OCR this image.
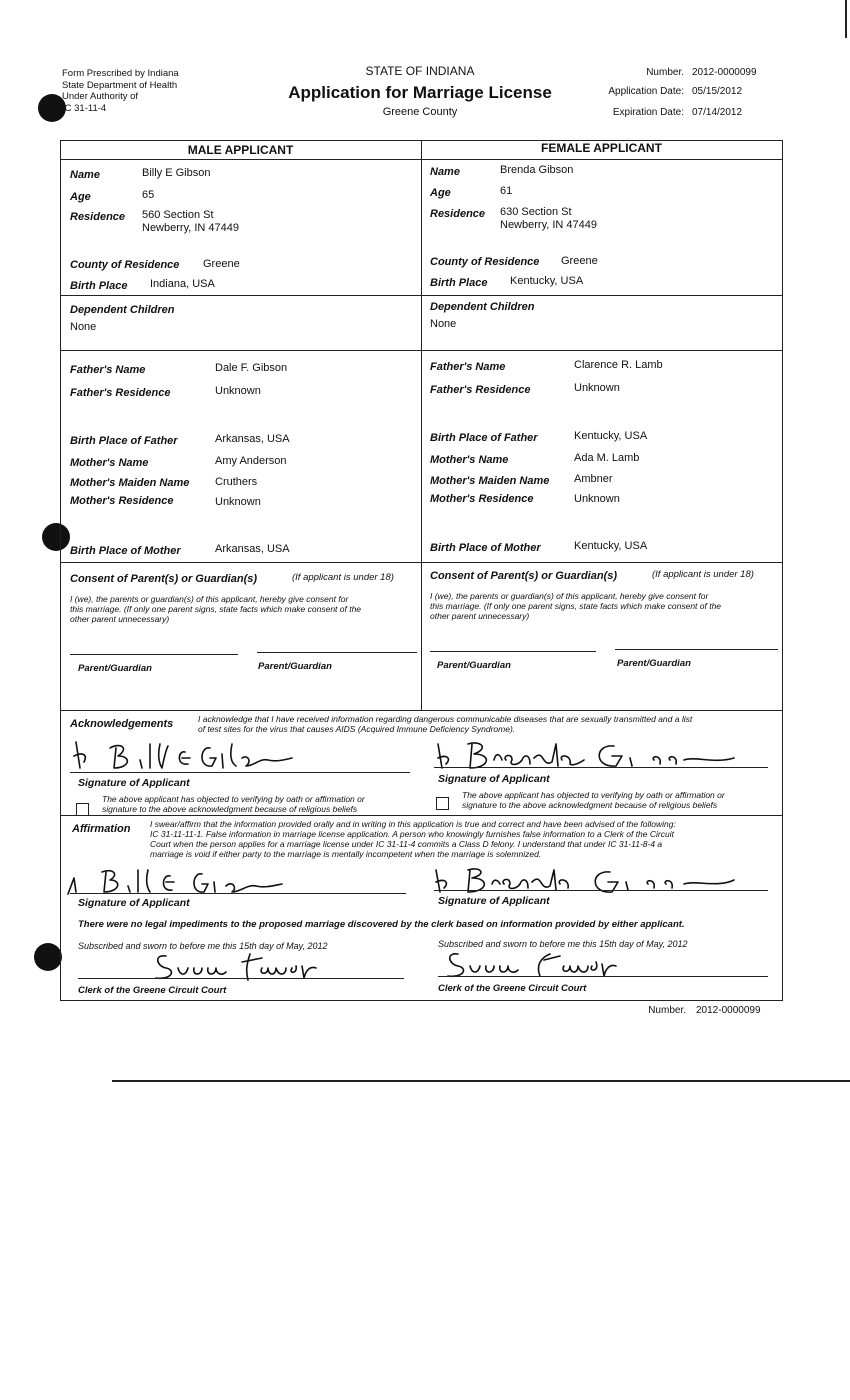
Form Prescribed by Indiana
State Department of Health
Under Authority of
IC 31-11-4
STATE OF INDIANA
Application for Marriage License
Greene County
Number. 2012-0000099
Application Date: 05/15/2012
Expiration Date: 07/14/2012
MALE APPLICANT	FEMALE APPLICANT
Name	Billy E Gibson
Age	65
Residence 560 Section St
Newberry, IN 47449
County of Residence Greene
Birth Place Indiana, USA
Dependent Children
None
Father's Name	Dale F. Gibson
Father's Residence	Unknown
Birth Place of Father	Arkansas, USA
Mother's Name	Amy Anderson
Mother's Maiden Name Cruthers
Mother's Residence	Unknown
Birth Place of Mother	Arkansas, USA
Name	Brenda Gibson
Age	61
Residence 630 Section St
Newberry, IN 47449
County of Residence Greene
Birth Place Kentucky, USA
Dependent Children
None
Father's Name	Clarence R. Lamb
Father's Residence	Unknown
Birth Place of Father	Kentucky, USA
Mother's Name	Ada M. Lamb
Mother's Maiden Name Ambner
Mother's Residence	Unknown
Birth Place of Mother	Kentucky, USA
Consent of Parent(s) or Guardian(s)	(If applicant is under 18)
I (we), the parents or guardian(s) of this applicant, hereby give consent for
this marriage. (If only one parent signs, state facts which make consent of the
other parent unnecessary)
Parent/Guardian	Parent/Guardian
Consent of Parent(s) or Guardian(s)	(If applicant is under 18)
I (we), the parents or guardian(s) of this applicant, hereby give consent for
this marriage. (If only one parent signs, state facts which make consent of the
other parent unnecessary)
Parent/Guardian	Parent/Guardian
Acknowledgements	I acknowledge that I have received information regarding dangerous communicable diseases that are sexually transmitted and a list
of test sites for the virus that causes AIDS (Acquired Immune Deficiency Syndrome).
Signature of Applicant
The above applicant has objected to verifying by oath or affirmation or
signature to the above acknowledgment because of religious beliefs
Signature of Applicant
The above applicant has objected to verifying by oath or affirmation or
signature to the above acknowledgment because of religious beliefs
Affirmation I swear/affirm that the information provided orally and in writing in this application is true and correct and have been advised of the following:
IC 31-11-11-1. False information in marriage license application. A person who knowingly furnishes false information to a Clerk of the Circuit
Court when the person applies for a marriage license under IC 31-11-4 commits a Class D felony. I understand that under IC 31-11-8-4 a
marriage is void if either party to the marriage is mentally incompetent when the marriage is solemnized.
Signature of Applicant	Signature of Applicant
There were no legal impediments to the proposed marriage discovered by the clerk based on information provided by either applicant.
Subscribed and sworn to before me this 15th day of May, 2012
Clerk of the Greene Circuit Court
Subscribed and sworn to before me this 15th day of May, 2012
Clerk of the Greene Circuit Court
Number. 2012-0000099
